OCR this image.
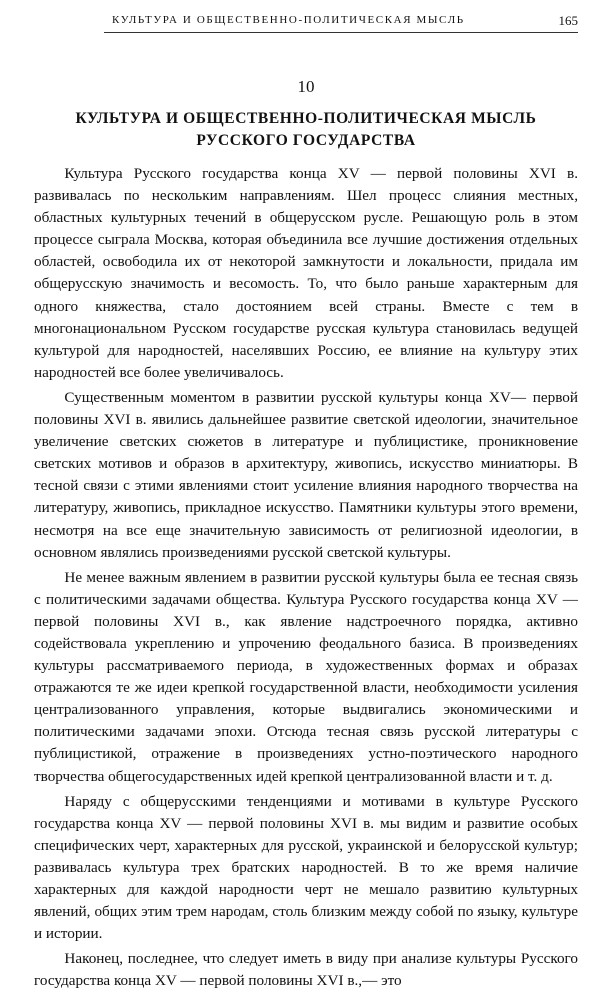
КУЛЬТУРА И ОБЩЕСТВЕННО-ПОЛИТИЧЕСКАЯ МЫСЛЬ	165
10
КУЛЬТУРА И ОБЩЕСТВЕННО-ПОЛИТИЧЕСКАЯ МЫСЛЬ РУССКОГО ГОСУДАРСТВА

Культура Русского государства конца XV — первой половины XVI в. развивалась по нескольким направлениям. Шел процесс слияния местных, областных культурных течений в общерусском русле. Решающую роль в этом процессе сыграла Москва, которая объединила все лучшие достижения отдельных областей, освободила их от некоторой замкнутости и локальности, придала им общерусскую значимость и весомость. То, что было раньше характерным для одного княжества, стало достоянием всей страны. Вместе с тем в многонациональном Русском государстве русская культура становилась ведущей культурой для народностей, населявших Россию, ее влияние на культуру этих народностей все более увеличивалось.

Существенным моментом в развитии русской культуры конца XV— первой половины XVI в. явились дальнейшее развитие светской идеологии, значительное увеличение светских сюжетов в литературе и публицистике, проникновение светских мотивов и образов в архитектуру, живопись, искусство миниатюры. В тесной связи с этими явлениями стоит усиление влияния народного творчества на литературу, живопись, прикладное искусство. Памятники культуры этого времени, несмотря на все еще значительную зависимость от религиозной идеологии, в основном являлись произведениями русской светской культуры.

Не менее важным явлением в развитии русской культуры была ее тесная связь с политическими задачами общества. Культура Русского государства конца XV — первой половины XVI в., как явление надстроечного порядка, активно содействовала укреплению и упрочению феодального базиса. В произведениях культуры рассматриваемого периода, в художественных формах и образах отражаются те же идеи крепкой государственной власти, необходимости усиления централизованного управления, которые выдвигались экономическими и политическими задачами эпохи. Отсюда тесная связь русской литературы с публицистикой, отражение в произведениях устно-поэтического народного творчества общегосударственных идей крепкой централизованной власти и т. д.

Наряду с общерусскими тенденциями и мотивами в культуре Русского государства конца XV — первой половины XVI в. мы видим и развитие особых специфических черт, характерных для русской, украинской и белорусской культур; развивалась культура трех братских народностей. В то же время наличие характерных для каждой народности черт не мешало развитию культурных явлений, общих этим трем народам, столь близким между собой по языку, культуре и истории.

Наконец, последнее, что следует иметь в виду при анализе культуры Русского государства конца XV — первой половины XVI в.,— это
